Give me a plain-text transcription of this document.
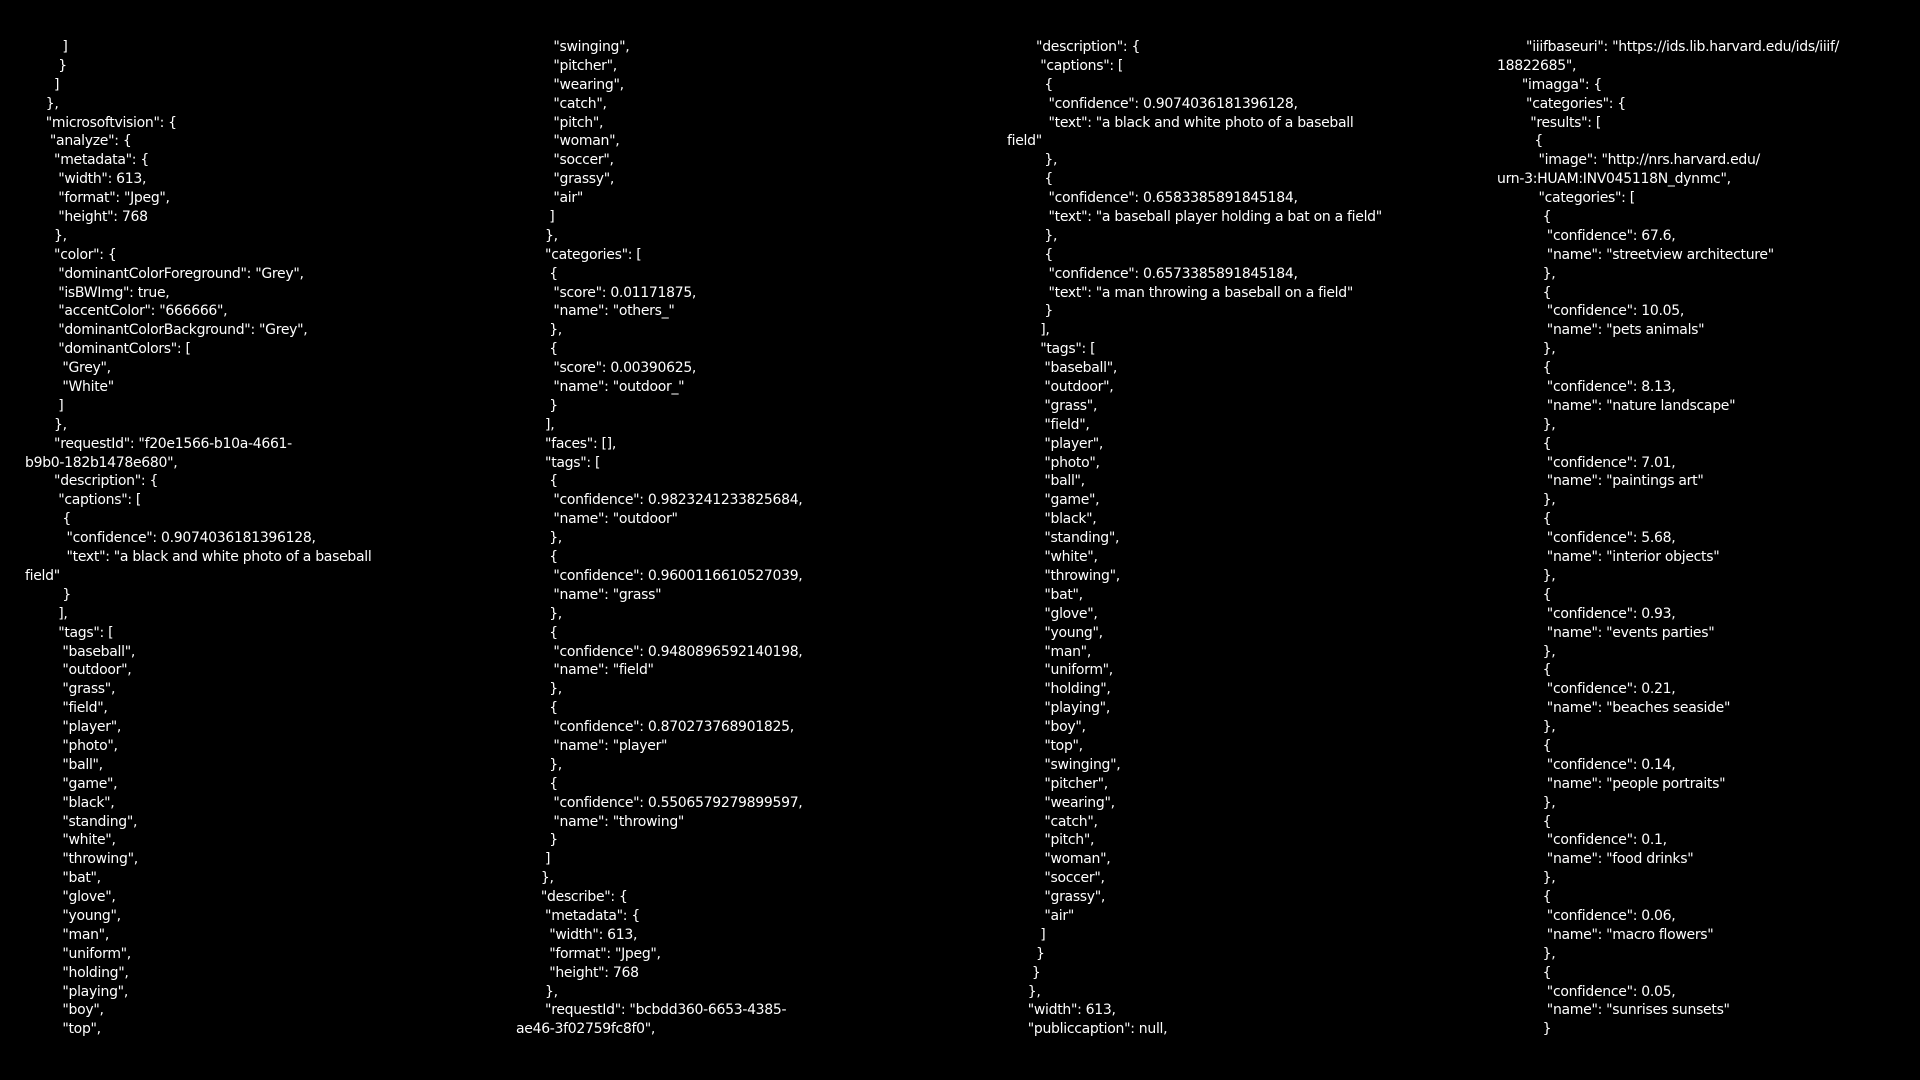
]
}
]
},
"microsoftvision": {
"analyze": {
"metadata": {
"width": 613,
"format": "Jpeg",
"height": 768
},
"color": {
"dominantColorForeground": "Grey",
"isBWImg": true,
"accentColor": "666666",
"dominantColorBackground": "Grey",
"dominantColors": [
"Grey",
"White"
]
},
"requestId": "f20e1566-b10a-4661-
b9b0-182b1478e680",
"description": {
"captions": [
{
"confidence": 0.9074036181396128,
"text": "a black and white photo of a baseball
field"
}
],
"tags": [
"baseball",
"outdoor",
"grass",
"field",
"player",
"photo",
"ball",
"game",
"black",
"standing",
"white",
"throwing",
"bat",
"glove",
"young",
"man",
"uniform",
"holding",
"playing",
"boy",
"top",
"swinging",
"pitcher",
"wearing",
"catch",
"pitch",
"woman",
"soccer",
"grassy",
"air"
]
},
"categories": [
{
"score": 0.01171875,
"name": "others_"
},
{
"score": 0.00390625,
"name": "outdoor_"
}
],
"faces": [],
"tags": [
{
"confidence": 0.9823241233825684,
"name": "outdoor"
},
{
"confidence": 0.9600116610527039,
"name": "grass"
},
{
"confidence": 0.9480896592140198,
"name": "field"
},
{
"confidence": 0.870273768901825,
"name": "player"
},
{
"confidence": 0.5506579279899597,
"name": "throwing"
}
]
},
"describe": {
"metadata": {
"width": 613,
"format": "Jpeg",
"height": 768
},
"requestId": "bcbdd360-6653-4385-
ae46-3f02759fc8f0",
"description": {
"captions": [
{
"confidence": 0.9074036181396128,
"text": "a black and white photo of a baseball
field"
},
{
"confidence": 0.6583385891845184,
"text": "a baseball player holding a bat on a field"
},
{
"confidence": 0.6573385891845184,
"text": "a man throwing a baseball on a field"
}
],
"tags": [
"baseball",
"outdoor",
"grass",
"field",
"player",
"photo",
"ball",
"game",
"black",
"standing",
"white",
"throwing",
"bat",
"glove",
"young",
"man",
"uniform",
"holding",
"playing",
"boy",
"top",
"swinging",
"pitcher",
"wearing",
"catch",
"pitch",
"woman",
"soccer",
"grassy",
"air"
]
}
}
},
"width": 613,
"publiccaption": null,
"iiifbaseuri": "https://ids.lib.harvard.edu/ids/iiif/
18822685",
"imagga": {
"categories": {
"results": [
{
"image": "http://nrs.harvard.edu/
urn-3:HUAM:INV045118N_dynmc",
"categories": [
{
"confidence": 67.6,
"name": "streetview architecture"
},
{
"confidence": 10.05,
"name": "pets animals"
},
{
"confidence": 8.13,
"name": "nature landscape"
},
{
"confidence": 7.01,
"name": "paintings art"
},
{
"confidence": 5.68,
"name": "interior objects"
},
{
"confidence": 0.93,
"name": "events parties"
},
{
"confidence": 0.21,
"name": "beaches seaside"
},
{
"confidence": 0.14,
"name": "people portraits"
},
{
"confidence": 0.1,
"name": "food drinks"
},
{
"confidence": 0.06,
"name": "macro flowers"
},
{
"confidence": 0.05,
"name": "sunrises sunsets"
}
